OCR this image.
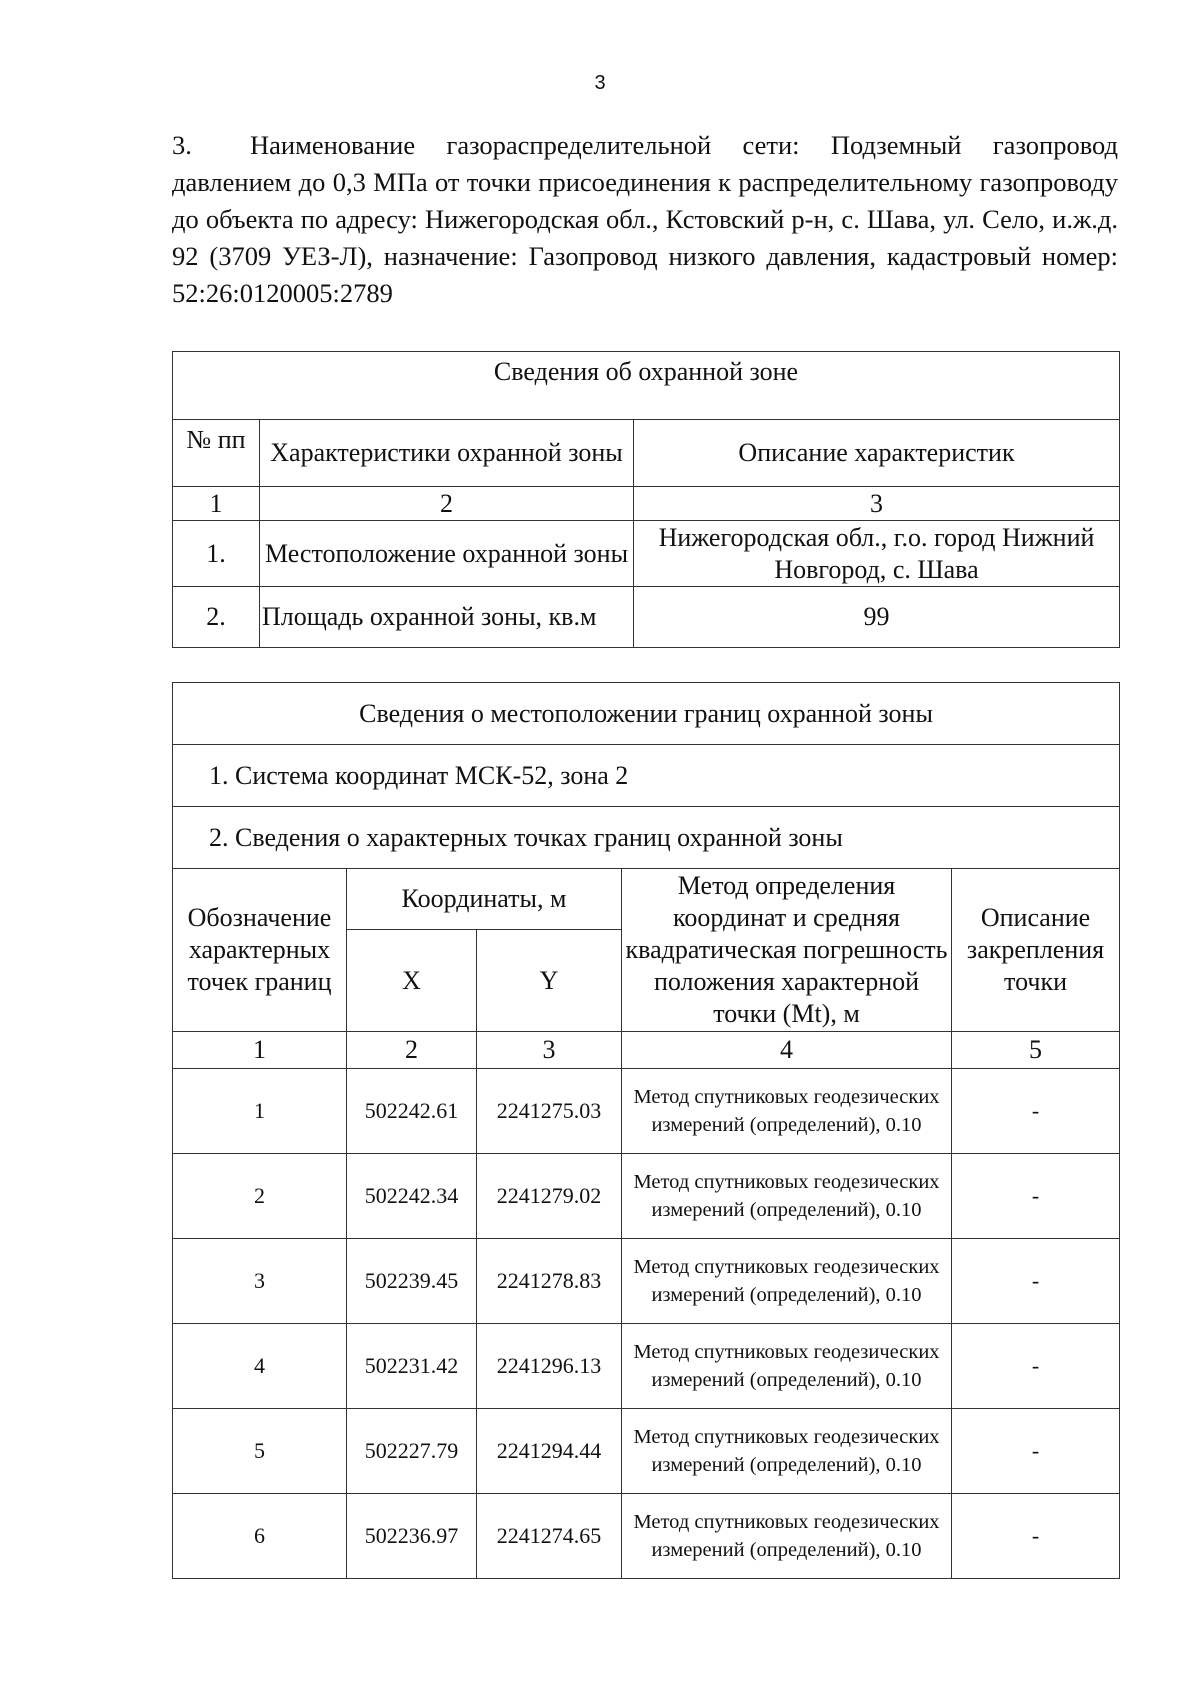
3

3. Наименование газораспределительной сети: Подземный газопровод давлением до 0,3 МПа от точки присоединения к распределительному газопроводу до объекта по адресу: Нижегородская обл., Кстовский р-н, с. Шава, ул. Село, и.ж.д. 92 (3709 УЕЗ-Л), назначение: Газопровод низкого давления, кадастровый номер: 52:26:0120005:2789

Сведения об охранной зоне		
№ пп	Характеристики охранной зоны	Описание характеристик
1	2	3
1.	Местоположение охранной зоны	Нижегородская обл., г.о. город Нижний Новгород, с. Шава
2.	Площадь охранной зоны, кв.м	99
Сведения о местоположении границ охранной зоны				
1. Система координат МСК-52, зона 2				
2. Сведения о характерных точках границ охранной зоны				
Обозначение характерных точек границ	Координаты, м		Метод определения координат и средняя квадратическая погрешность положения характерной точки (Mt), м	Описание закрепления точки
	X	Y		
1	2	3	4	5
1	502242.61	2241275.03	Метод спутниковых геодезических измерений (определений), 0.10	-
2	502242.34	2241279.02	Метод спутниковых геодезических измерений (определений), 0.10	-
3	502239.45	2241278.83	Метод спутниковых геодезических измерений (определений), 0.10	-
4	502231.42	2241296.13	Метод спутниковых геодезических измерений (определений), 0.10	-
5	502227.79	2241294.44	Метод спутниковых геодезических измерений (определений), 0.10	-
6	502236.97	2241274.65	Метод спутниковых геодезических измерений (определений), 0.10	-
